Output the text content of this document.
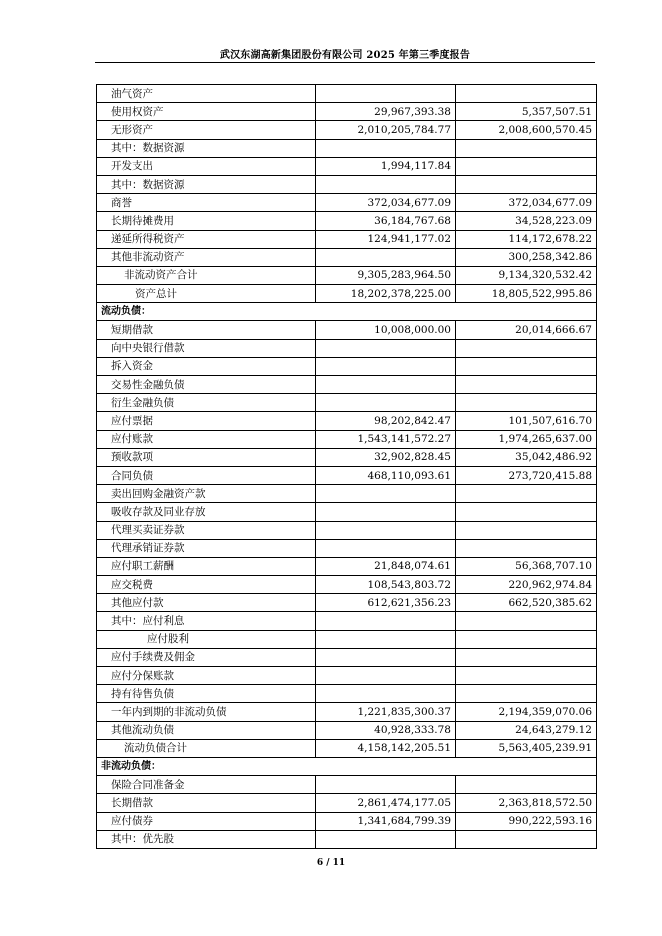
武汉东湖高新集团股份有限公司 2025 年第三季度报告
油气资产		
使用权资产	29,967,393.38	5,357,507.51
无形资产	2,010,205,784.77	2,008,600,570.45
其中：数据资源		
开发支出	1,994,117.84	
其中：数据资源		
商誉	372,034,677.09	372,034,677.09
长期待摊费用	36,184,767.68	34,528,223.09
递延所得税资产	124,941,177.02	114,172,678.22
其他非流动资产		300,258,342.86
非流动资产合计	9,305,283,964.50	9,134,320,532.42
资产总计	18,202,378,225.00	18,805,522,995.86
流动负债：		
短期借款	10,008,000.00	20,014,666.67
向中央银行借款		
拆入资金		
交易性金融负债		
衍生金融负债		
应付票据	98,202,842.47	101,507,616.70
应付账款	1,543,141,572.27	1,974,265,637.00
预收款项	32,902,828.45	35,042,486.92
合同负债	468,110,093.61	273,720,415.88
卖出回购金融资产款		
吸收存款及同业存放		
代理买卖证券款		
代理承销证券款		
应付职工薪酬	21,848,074.61	56,368,707.10
应交税费	108,543,803.72	220,962,974.84
其他应付款	612,621,356.23	662,520,385.62
其中：应付利息		
应付股利		
应付手续费及佣金		
应付分保账款		
持有待售负债		
一年内到期的非流动负债	1,221,835,300.37	2,194,359,070.06
其他流动负债	40,928,333.78	24,643,279.12
流动负债合计	4,158,142,205.51	5,563,405,239.91
非流动负债：		
保险合同准备金		
长期借款	2,861,474,177.05	2,363,818,572.50
应付债券	1,341,684,799.39	990,222,593.16
其中：优先股		
6 / 11
